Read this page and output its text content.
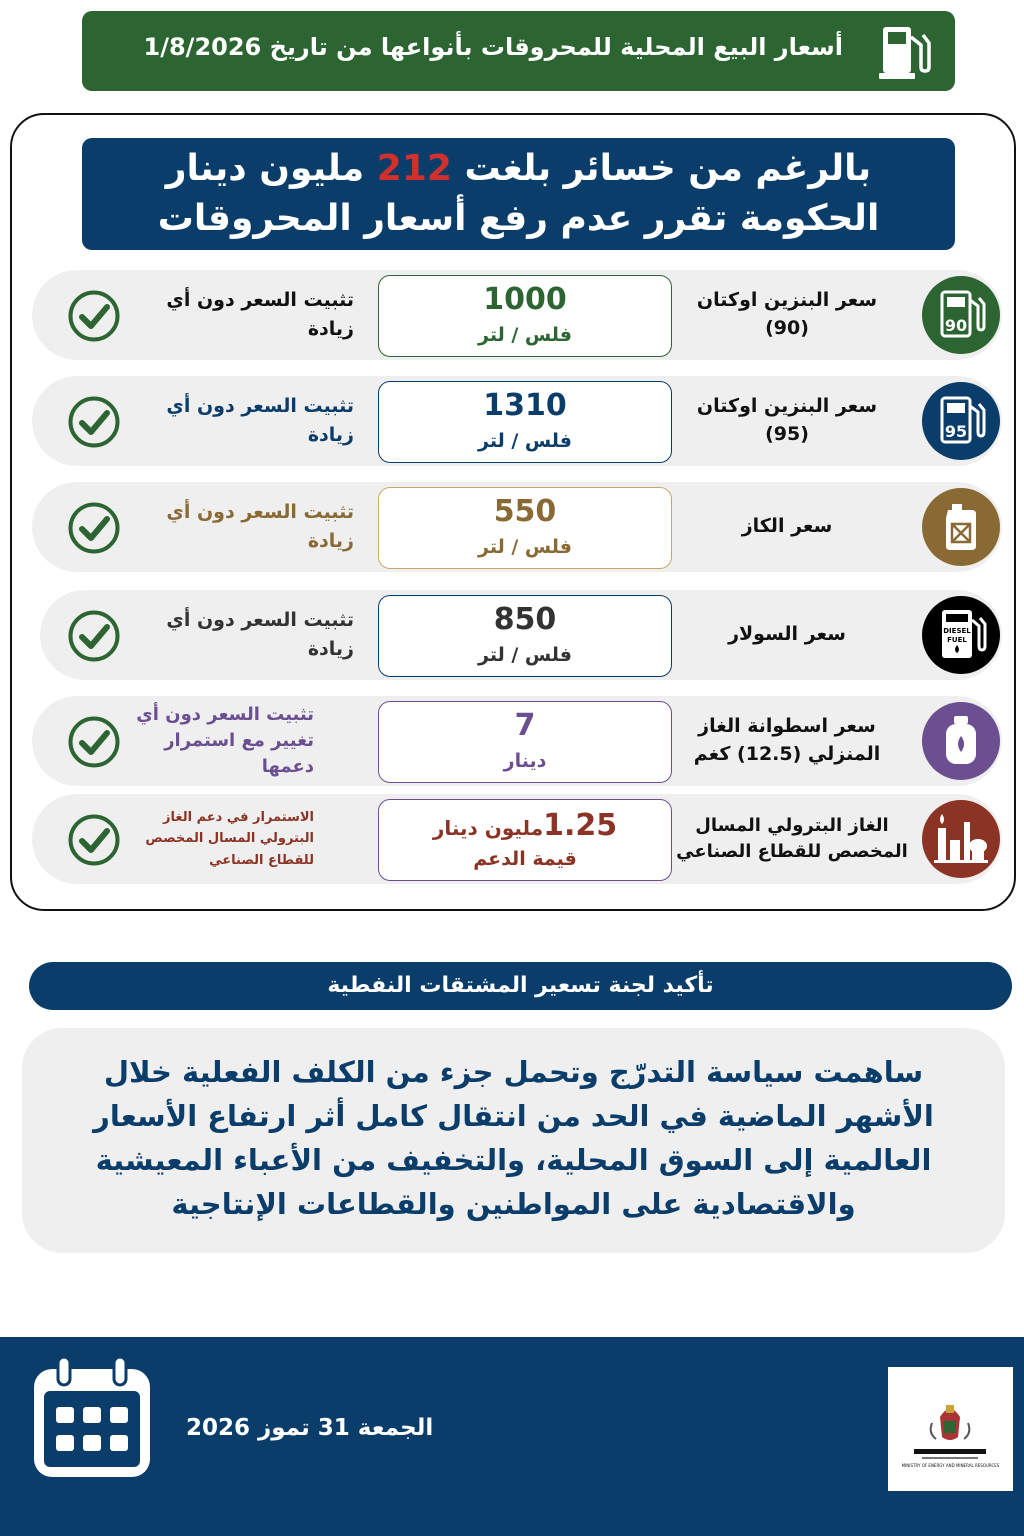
أسعار البيع المحلية للمحروقات بأنواعها من تاريخ 1/8/2026
بالرغم من خسائر بلغت 212 مليون دينار
الحكومة تقرر عدم رفع أسعار المحروقات
90
سعر البنزين اوكتان (90)
1000
فلس / لتر
تثبيت السعر دون أي زيادة
95
سعر البنزين اوكتان (95)
1310
فلس / لتر
تثبيت السعر دون أي زيادة
سعر الكاز
550
فلس / لتر
تثبيت السعر دون أي زيادة
DIESEL
FUEL
سعر السولار
850
فلس / لتر
تثبيت السعر دون أي زيادة
سعر اسطوانة الغاز المنزلي (12.5) كغم
7
دينار
تثبيت السعر دون أي تغيير مع استمرار دعمها
الغاز البترولي المسال المخصص للقطاع الصناعي
1.25مليون دينار
قيمة الدعم
الاستمرار في دعم الغاز البترولي المسال المخصص للقطاع الصناعي
تأكيد لجنة تسعير المشتقات النفطية
ساهمت سياسة التدرّج وتحمل جزء من الكلف الفعلية خلال الأشهر الماضية في الحد من انتقال كامل أثر ارتفاع الأسعار العالمية إلى السوق المحلية، والتخفيف من الأعباء المعيشية والاقتصادية على المواطنين والقطاعات الإنتاجية
الجمعة 31 تموز 2026
MINISTRY OF ENERGY AND MINERAL RESOURCES
